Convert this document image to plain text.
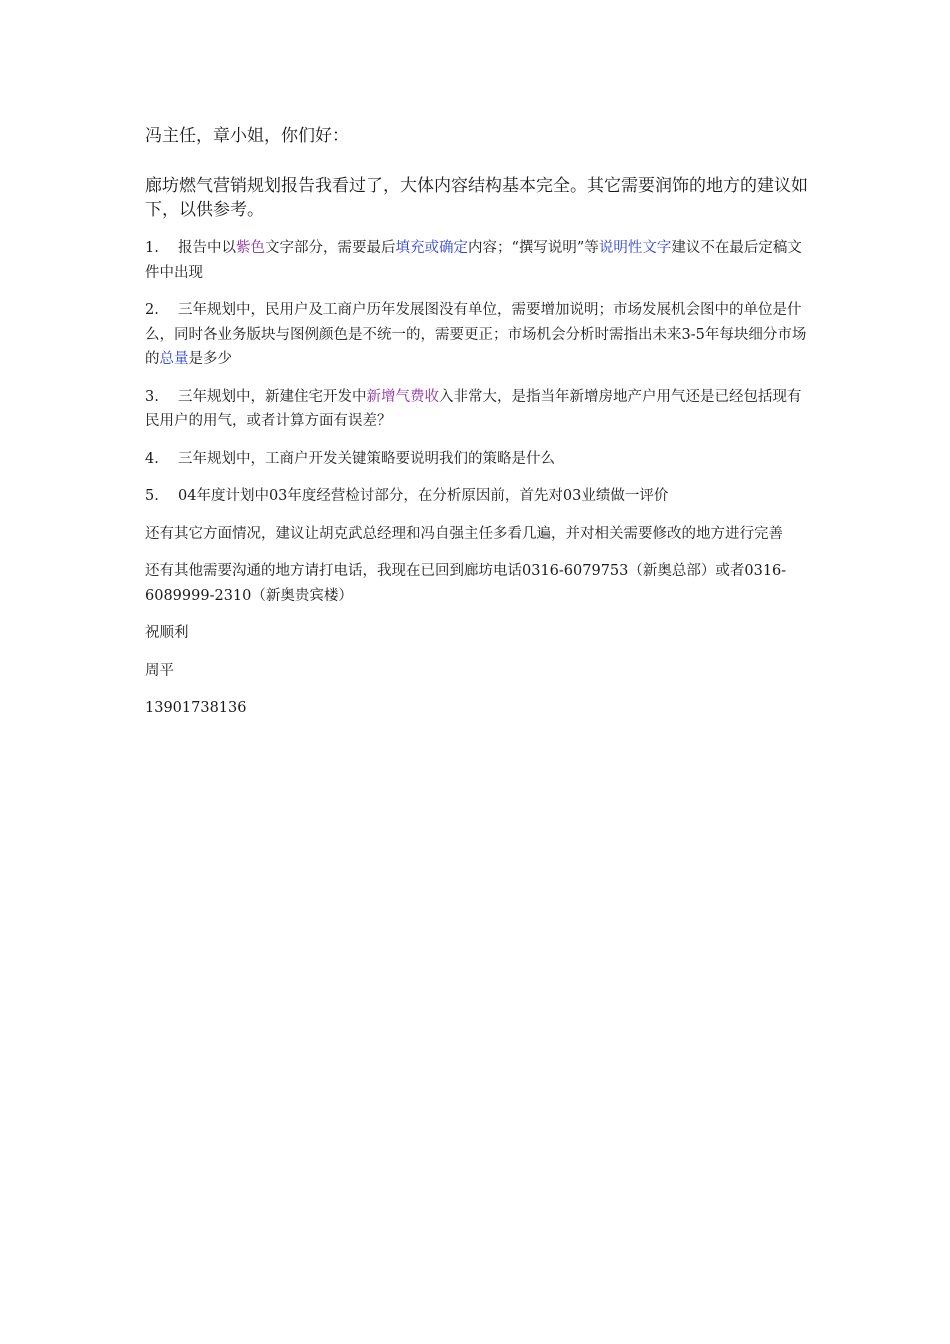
冯主任，章小姐，你们好：

廊坊燃气营销规划报告我看过了，大体内容结构基本完全。其它需要润饰的地方的建议如下，以供参考。

1. 报告中以紫色文字部分，需要最后填充或确定内容；“撰写说明”等说明性文字建议不在最后定稿文件中出现

2. 三年规划中，民用户及工商户历年发展图没有单位，需要增加说明；市场发展机会图中的单位是什么，同时各业务版块与图例颜色是不统一的，需要更正；市场机会分析时需指出未来3-5年每块细分市场的总量是多少

3. 三年规划中，新建住宅开发中新增气费收入非常大，是指当年新增房地产户用气还是已经包括现有民用户的用气，或者计算方面有误差？

4. 三年规划中，工商户开发关键策略要说明我们的策略是什么

5. 04年度计划中03年度经营检讨部分，在分析原因前，首先对03业绩做一评价

还有其它方面情况，建议让胡克武总经理和冯自强主任多看几遍，并对相关需要修改的地方进行完善

还有其他需要沟通的地方请打电话，我现在已回到廊坊电话0316-6079753（新奥总部）或者0316-6089999-2310（新奥贵宾楼）

祝顺利

周平

13901738136
